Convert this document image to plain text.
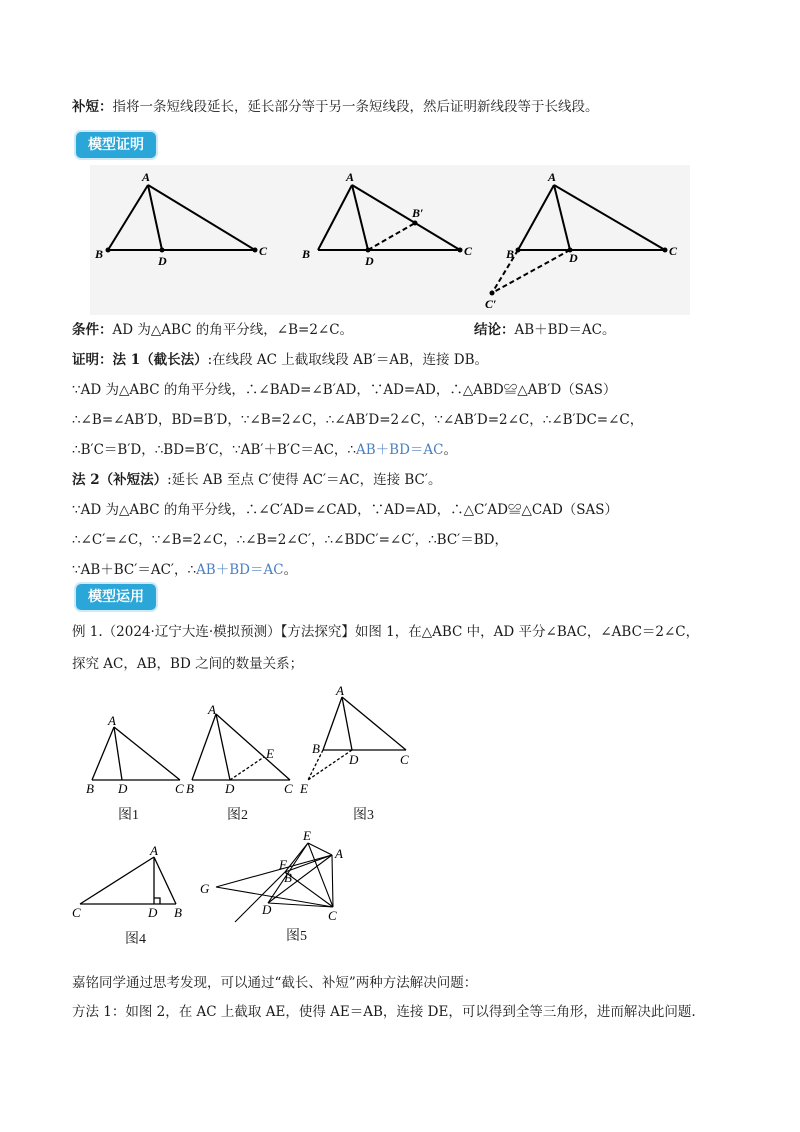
补短：指将一条短线段延长，延长部分等于另一条短线段，然后证明新线段等于长线段。
模型证明
A
B	D
C
A
B	D
C
B′
A
B	D	C
C′
条件：AD 为△ABC 的角平分线，∠B=2∠C。	结论：AB＋BD＝AC。
证明：法 1（截长法）:在线段 AC 上截取线段 AB′＝AB，连接 DB。
∵AD 为△ABC 的角平分线，∴∠BAD=∠B′AD，∵AD=AD，∴△ABD≌△AB′D（SAS）
∴∠B=∠AB′D，BD=B′D，∵∠B=2∠C，∴∠AB′D=2∠C，∵∠AB′D=2∠C，∴∠B′DC=∠C，
∴B′C＝B′D，∴BD=B′C，∵AB′＋B′C＝AC，∴AB＋BD＝AC。
法 2（补短法）:延长 AB 至点 C′使得 AC′＝AC，连接 BC′。
∵AD 为△ABC 的角平分线，∴∠C′AD=∠CAD，∵AD=AD，∴△C′AD≌△CAD（SAS）
∴∠C′=∠C，∵∠B=2∠C，∴∠B=2∠C′，∴∠BDC′=∠C′，∴BC′＝BD，
∵AB＋BC′＝AC′，∴AB＋BD＝AC。
模型运用
例 1.（2024·辽宁大连·模拟预测）【方法探究】如图 1，在△ABC 中，AD 平分∠BAC，∠ABC＝2∠C，
探究 AC，AB，BD 之间的数量关系；
A
B D	C
A
B D	C
E
A
B
D	C
E
图1	图2	图3
A
C	D B
E
A
F
B
G
D	C
图4	图5
嘉铭同学通过思考发现，可以通过“截长、补短”两种方法解决问题：
方法 1：如图 2，在 AC 上截取 AE，使得 AE＝AB，连接 DE，可以得到全等三角形，进而解决此问题.
